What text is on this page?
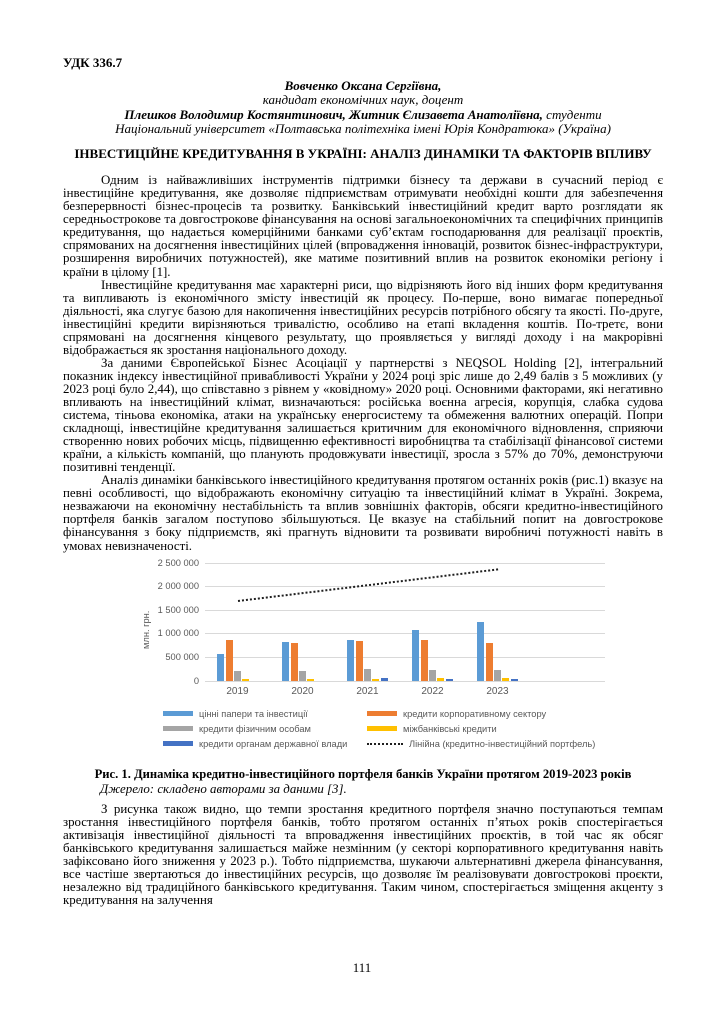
УДК 336.7
Вовченко Оксана Сергіївна,
кандидат економічних наук, доцент
Плешков Володимир Костянтинович, Житник Єлизавета Анатоліївна, студенти
Національний університет «Полтавська політехніка імені Юрія Кондратюка» (Україна)
ІНВЕСТИЦІЙНЕ КРЕДИТУВАННЯ В УКРАЇНІ: АНАЛІЗ ДИНАМІКИ ТА ФАКТОРІВ ВПЛИВУ

Одним із найважливіших інструментів підтримки бізнесу та держави в сучасний період є інвестиційне кредитування, яке дозволяє підприємствам отримувати необхідні кошти для забезпечення безперервності бізнес-процесів та розвитку. Банківський інвестиційний кредит варто розглядати як середньострокове та довгострокове фінансування на основі загальноекономічних та специфічних принципів кредитування, що надається комерційними банками суб’єктам господарювання для реалізації проєктів, спрямованих на досягнення інвестиційних цілей (впровадження інновацій, розвиток бізнес-інфраструктури, розширення виробничих потужностей), яке матиме позитивний вплив на розвиток економіки регіону і країни в цілому [1].

Інвестиційне кредитування має характерні риси, що відрізняють його від інших форм кредитування та випливають із економічного змісту інвестицій як процесу. По-перше, воно вимагає попередньої діяльності, яка слугує базою для накопичення інвестиційних ресурсів потрібного обсягу та якості. По-друге, інвестиційні кредити вирізняються тривалістю, особливо на етапі вкладення коштів. По-третє, вони спрямовані на досягнення кінцевого результату, що проявляється у вигляді доходу і на макрорівні відображається як зростання національного доходу.

За даними Європейської Бізнес Асоціації у партнерстві з NEQSOL Holding [2], інтегральний показник індексу інвестиційної привабливості України у 2024 році зріс лише до 2,49 балів з 5 можливих (у 2023 році було 2,44), що співставно з рівнем у «ковідному» 2020 році. Основними факторами, які негативно впливають на інвестиційний клімат, визначаються: російська воєнна агресія, корупція, слабка судова система, тіньова економіка, атаки на українську енергосистему та обмеження валютних операцій. Попри складнощі, інвестиційне кредитування залишається критичним для економічного відновлення, сприяючи створенню нових робочих місць, підвищенню ефективності виробництва та стабілізації фінансової системи країни, а кількість компаній, що планують продовжувати інвестиції, зросла з 57% до 70%, демонструючи позитивні тенденції.

Аналіз динаміки банківського інвестиційного кредитування протягом останніх років (рис.1) вказує на певні особливості, що відображають економічну ситуацію та інвестиційний клімат в Україні. Зокрема, незважаючи на економічну нестабільність та вплив зовнішніх факторів, обсяги кредитно-інвестиційного портфеля банків загалом поступово збільшуються. Це вказує на стабільний попит на довгострокове фінансування з боку підприємств, які прагнуть відновити та розвивати виробничі потужності навіть в умовах невизначеності.

0
500 000
1 000 000
1 500 000
2 000 000
2 500 000
млн. грн.
2019	2020	2021	2022	2023
цінні папери та інвестиції	кредити корпоративному сектору
кредити фізичним особам	міжбанківські кредити
кредити органам державної влади	Лінійна (кредитно-інвестиційний портфель)
Рис. 1. Динаміка кредитно-інвестиційного портфеля банків України протягом 2019-2023 років
Джерело: складено авторами за даними [3].

З рисунка також видно, що темпи зростання кредитного портфеля значно поступаються темпам зростання інвестиційного портфеля банків, тобто протягом останніх п’ятьох років спостерігається активізація інвестиційної діяльності та впровадження інвестиційних проєктів, в той час як обсяг банківського кредитування залишається майже незмінним (у секторі корпоративного кредитування навіть зафіксовано його зниження у 2023 р.). Тобто підприємства, шукаючи альтернативні джерела фінансування, все частіше звертаються до інвестиційних ресурсів, що дозволяє їм реалізовувати довгострокові проєкти, незалежно від традиційного банківського кредитування. Таким чином, спостерігається зміщення акценту з кредитування на залучення

111
